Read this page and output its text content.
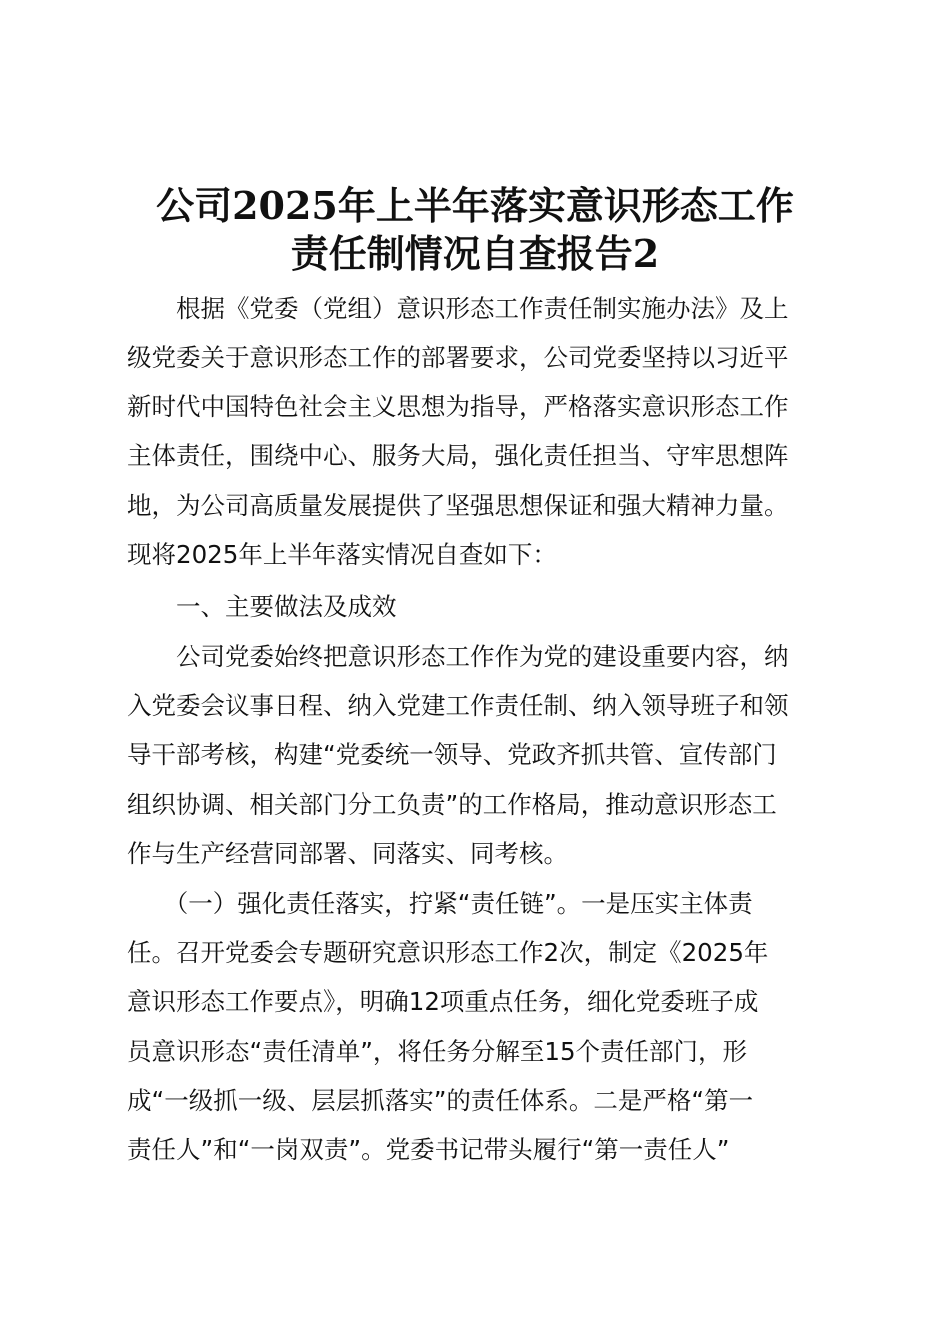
公司2025年上半年落实意识形态工作
责任制情况自查报告2

　　根据《党委（党组）意识形态工作责任制实施办法》及上

级党委关于意识形态工作的部署要求，公司党委坚持以习近平

新时代中国特色社会主义思想为指导，严格落实意识形态工作

主体责任，围绕中心、服务大局，强化责任担当、守牢思想阵

地，为公司高质量发展提供了坚强思想保证和强大精神力量。

现将2025年上半年落实情况自查如下：

　　一、主要做法及成效

　　公司党委始终把意识形态工作作为党的建设重要内容，纳

入党委会议事日程、纳入党建工作责任制、纳入领导班子和领

导干部考核，构建“党委统一领导、党政齐抓共管、宣传部门

组织协调、相关部门分工负责”的工作格局，推动意识形态工

作与生产经营同部署、同落实、同考核。

　　（一）强化责任落实，拧紧“责任链”。一是压实主体责

任。召开党委会专题研究意识形态工作2次，制定《2025年

意识形态工作要点》，明确12项重点任务，细化党委班子成

员意识形态“责任清单”，将任务分解至15个责任部门，形

成“一级抓一级、层层抓落实”的责任体系。二是严格“第一

责任人”和“一岗双责”。党委书记带头履行“第一责任人”
